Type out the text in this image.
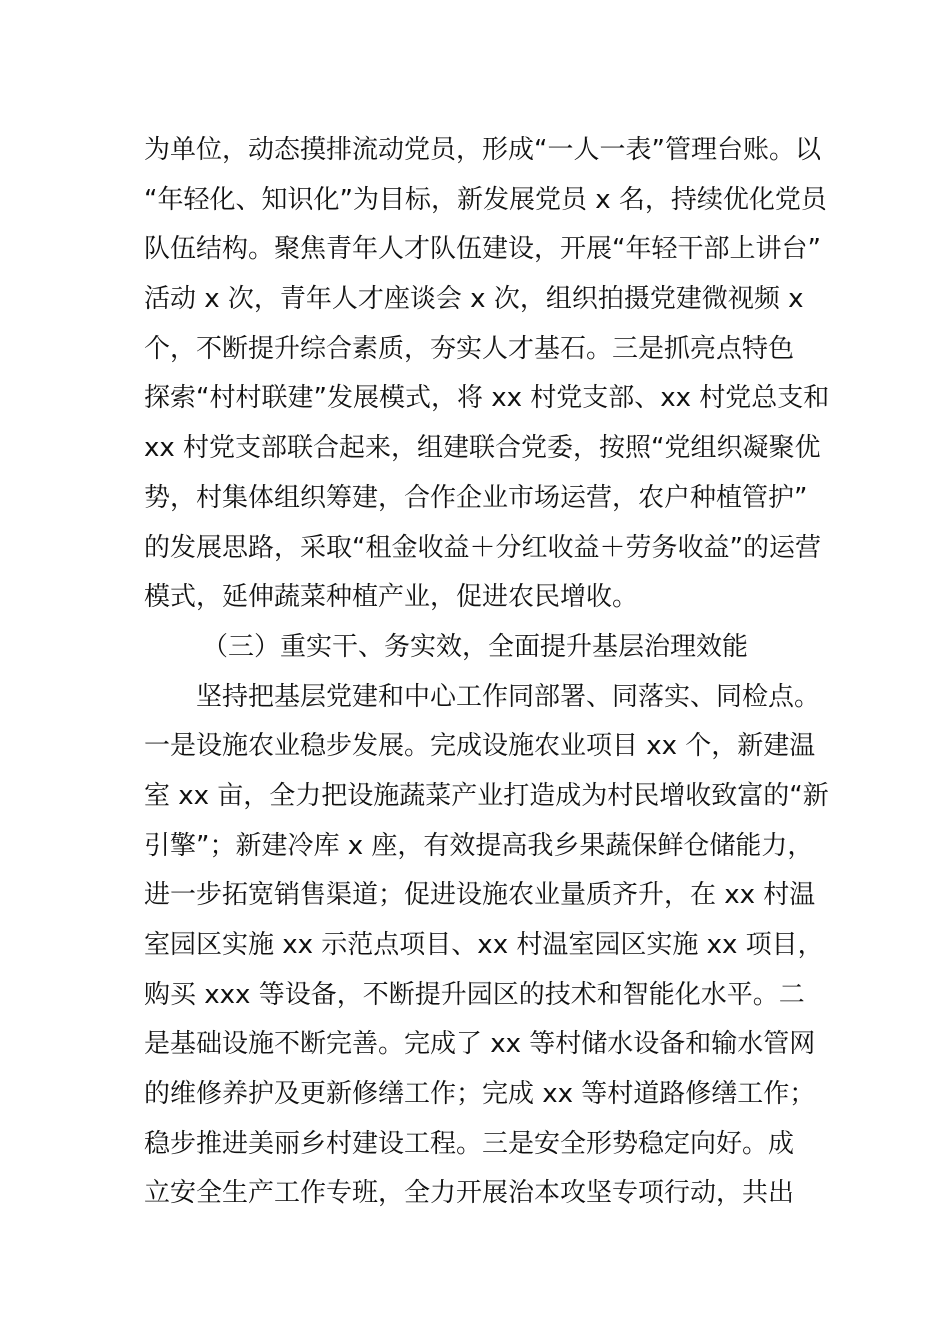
为单位，动态摸排流动党员，形成“一人一表”管理台账。以
“年轻化、知识化”为目标，新发展党员 x 名，持续优化党员
队伍结构。聚焦青年人才队伍建设，开展“年轻干部上讲台”
活动 x 次，青年人才座谈会 x 次，组织拍摄党建微视频 x
个，不断提升综合素质，夯实人才基石。三是抓亮点特色
探索“村村联建”发展模式，将 xx 村党支部、xx 村党总支和
xx 村党支部联合起来，组建联合党委，按照“党组织凝聚优
势，村集体组织筹建，合作企业市场运营，农户种植管护”
的发展思路，采取“租金收益＋分红收益＋劳务收益”的运营
模式，延伸蔬菜种植产业，促进农民增收。
（三）重实干、务实效，全面提升基层治理效能
坚持把基层党建和中心工作同部署、同落实、同检点。
一是设施农业稳步发展。完成设施农业项目 xx 个，新建温
室 xx 亩，全力把设施蔬菜产业打造成为村民增收致富的“新
引擎”；新建冷库 x 座，有效提高我乡果蔬保鲜仓储能力，
进一步拓宽销售渠道；促进设施农业量质齐升，在 xx 村温
室园区实施 xx 示范点项目、xx 村温室园区实施 xx 项目，
购买 xxx 等设备，不断提升园区的技术和智能化水平。二
是基础设施不断完善。完成了 xx 等村储水设备和输水管网
的维修养护及更新修缮工作；完成 xx 等村道路修缮工作；
稳步推进美丽乡村建设工程。三是安全形势稳定向好。成
立安全生产工作专班，全力开展治本攻坚专项行动，共出
